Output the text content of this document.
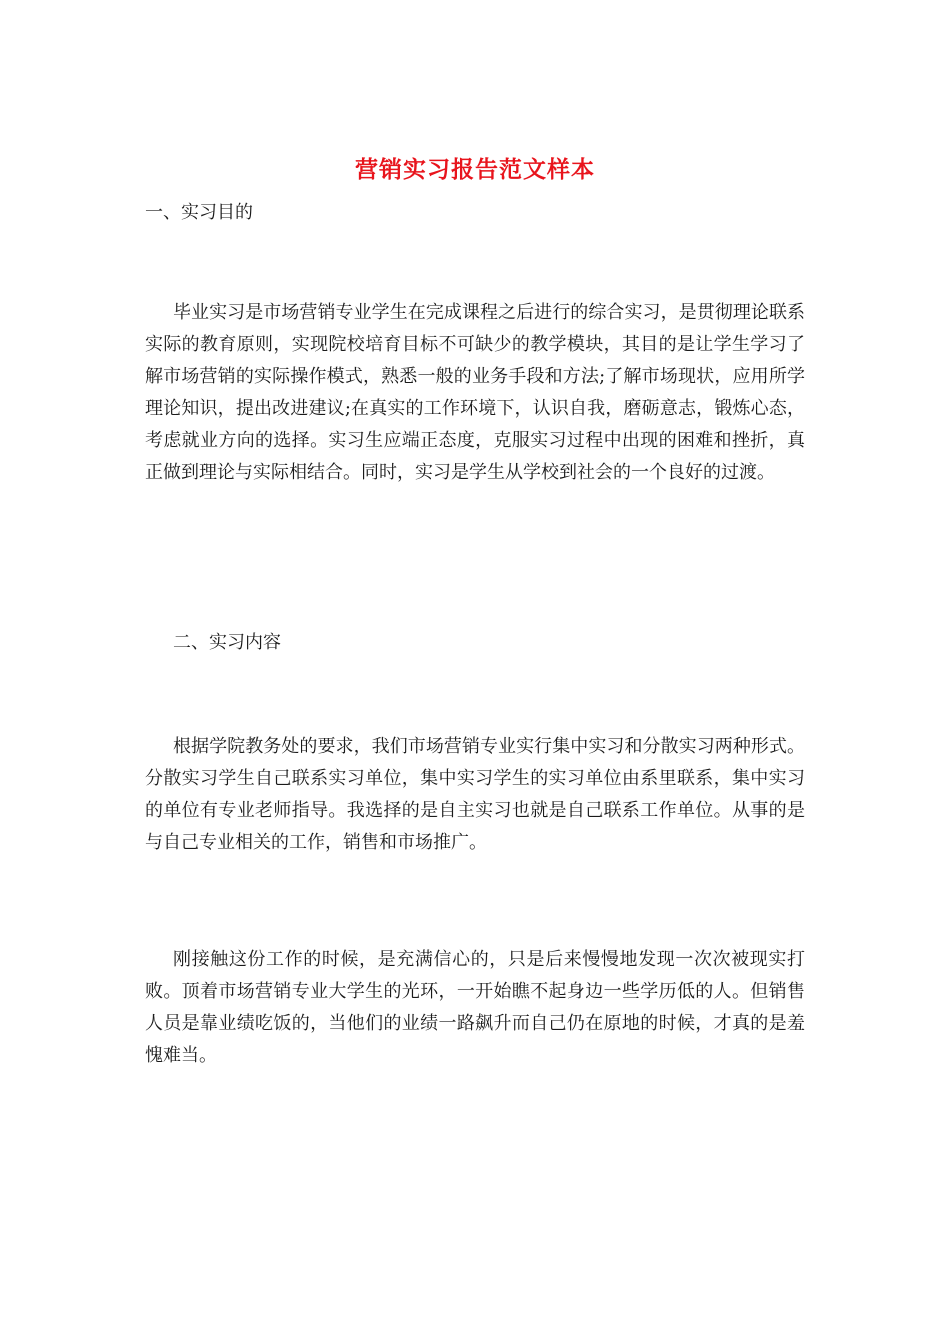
营销实习报告范文样本
一、实习目的

毕业实习是市场营销专业学生在完成课程之后进行的综合实习，是贯彻理论联系实际的教育原则，实现院校培育目标不可缺少的教学模块，其目的是让学生学习了解市场营销的实际操作模式，熟悉一般的业务手段和方法;了解市场现状，应用所学理论知识，提出改进建议;在真实的工作环境下，认识自我，磨砺意志，锻炼心态，考虑就业方向的选择。实习生应端正态度，克服实习过程中出现的困难和挫折，真正做到理论与实际相结合。同时，实习是学生从学校到社会的一个良好的过渡。

二、实习内容

根据学院教务处的要求，我们市场营销专业实行集中实习和分散实习两种形式。分散实习学生自己联系实习单位，集中实习学生的实习单位由系里联系，集中实习的单位有专业老师指导。我选择的是自主实习也就是自己联系工作单位。从事的是与自己专业相关的工作，销售和市场推广。

刚接触这份工作的时候，是充满信心的，只是后来慢慢地发现一次次被现实打败。顶着市场营销专业大学生的光环，一开始瞧不起身边一些学历低的人。但销售人员是靠业绩吃饭的，当他们的业绩一路飙升而自己仍在原地的时候，才真的是羞愧难当。
